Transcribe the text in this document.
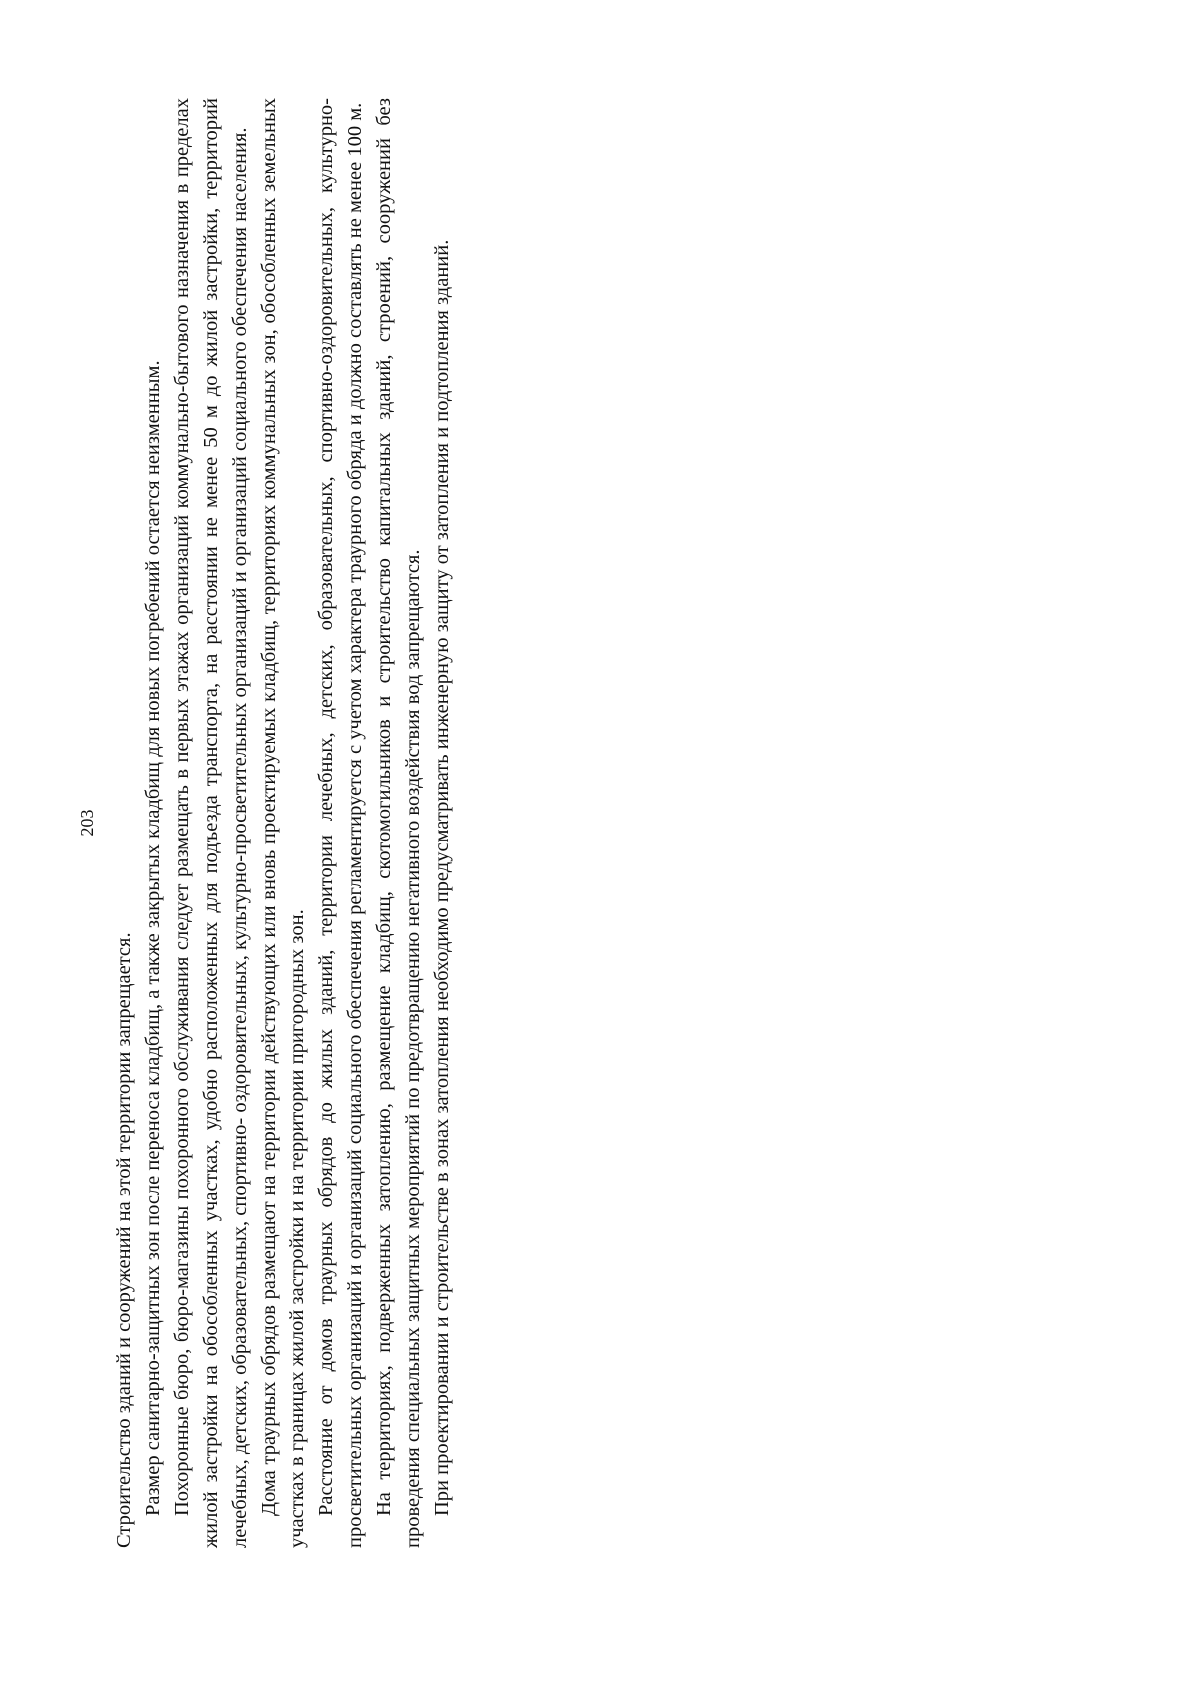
203

Строительство зданий и сооружений на этой территории запрещается. Размер санитарно-защитных зон после переноса кладбищ, а также закрытых кладбищ для новых погребений остается неизменным. Похоронные бюро, бюро-магазины похоронного обслуживания следует размещать в первых этажах организаций коммунально-бытового назначения в пределах жилой застройки на обособленных участках, удобно расположенных для подъезда транспорта, на расстоянии не менее 50 м до жилой застройки, территорий лечебных, детских, образовательных, спортивно- оздоровительных, культурно-просветительных организаций и организаций социального обеспечения населения. Дома траурных обрядов размещают на территории действующих или вновь проектируемых кладбищ, территориях коммунальных зон, обособленных земельных участках в границах жилой застройки и на территории пригородных зон. Расстояние от домов траурных обрядов до жилых зданий, территории лечебных, детских, образовательных, спортивно-оздоровительных, культурно-просветительных организаций и организаций социального обеспечения регламентируется с учетом характера траурного обряда и должно составлять не менее 100 м. На территориях, подверженных затоплению, размещение кладбищ, скотомогильников и строительство капитальных зданий, строений, сооружений без проведения специальных защитных мероприятий по предотвращению негативного воздействия вод запрещаются. При проектировании и строительстве в зонах затопления необходимо предусматривать инженерную защиту от затопления и подтопления зданий.
